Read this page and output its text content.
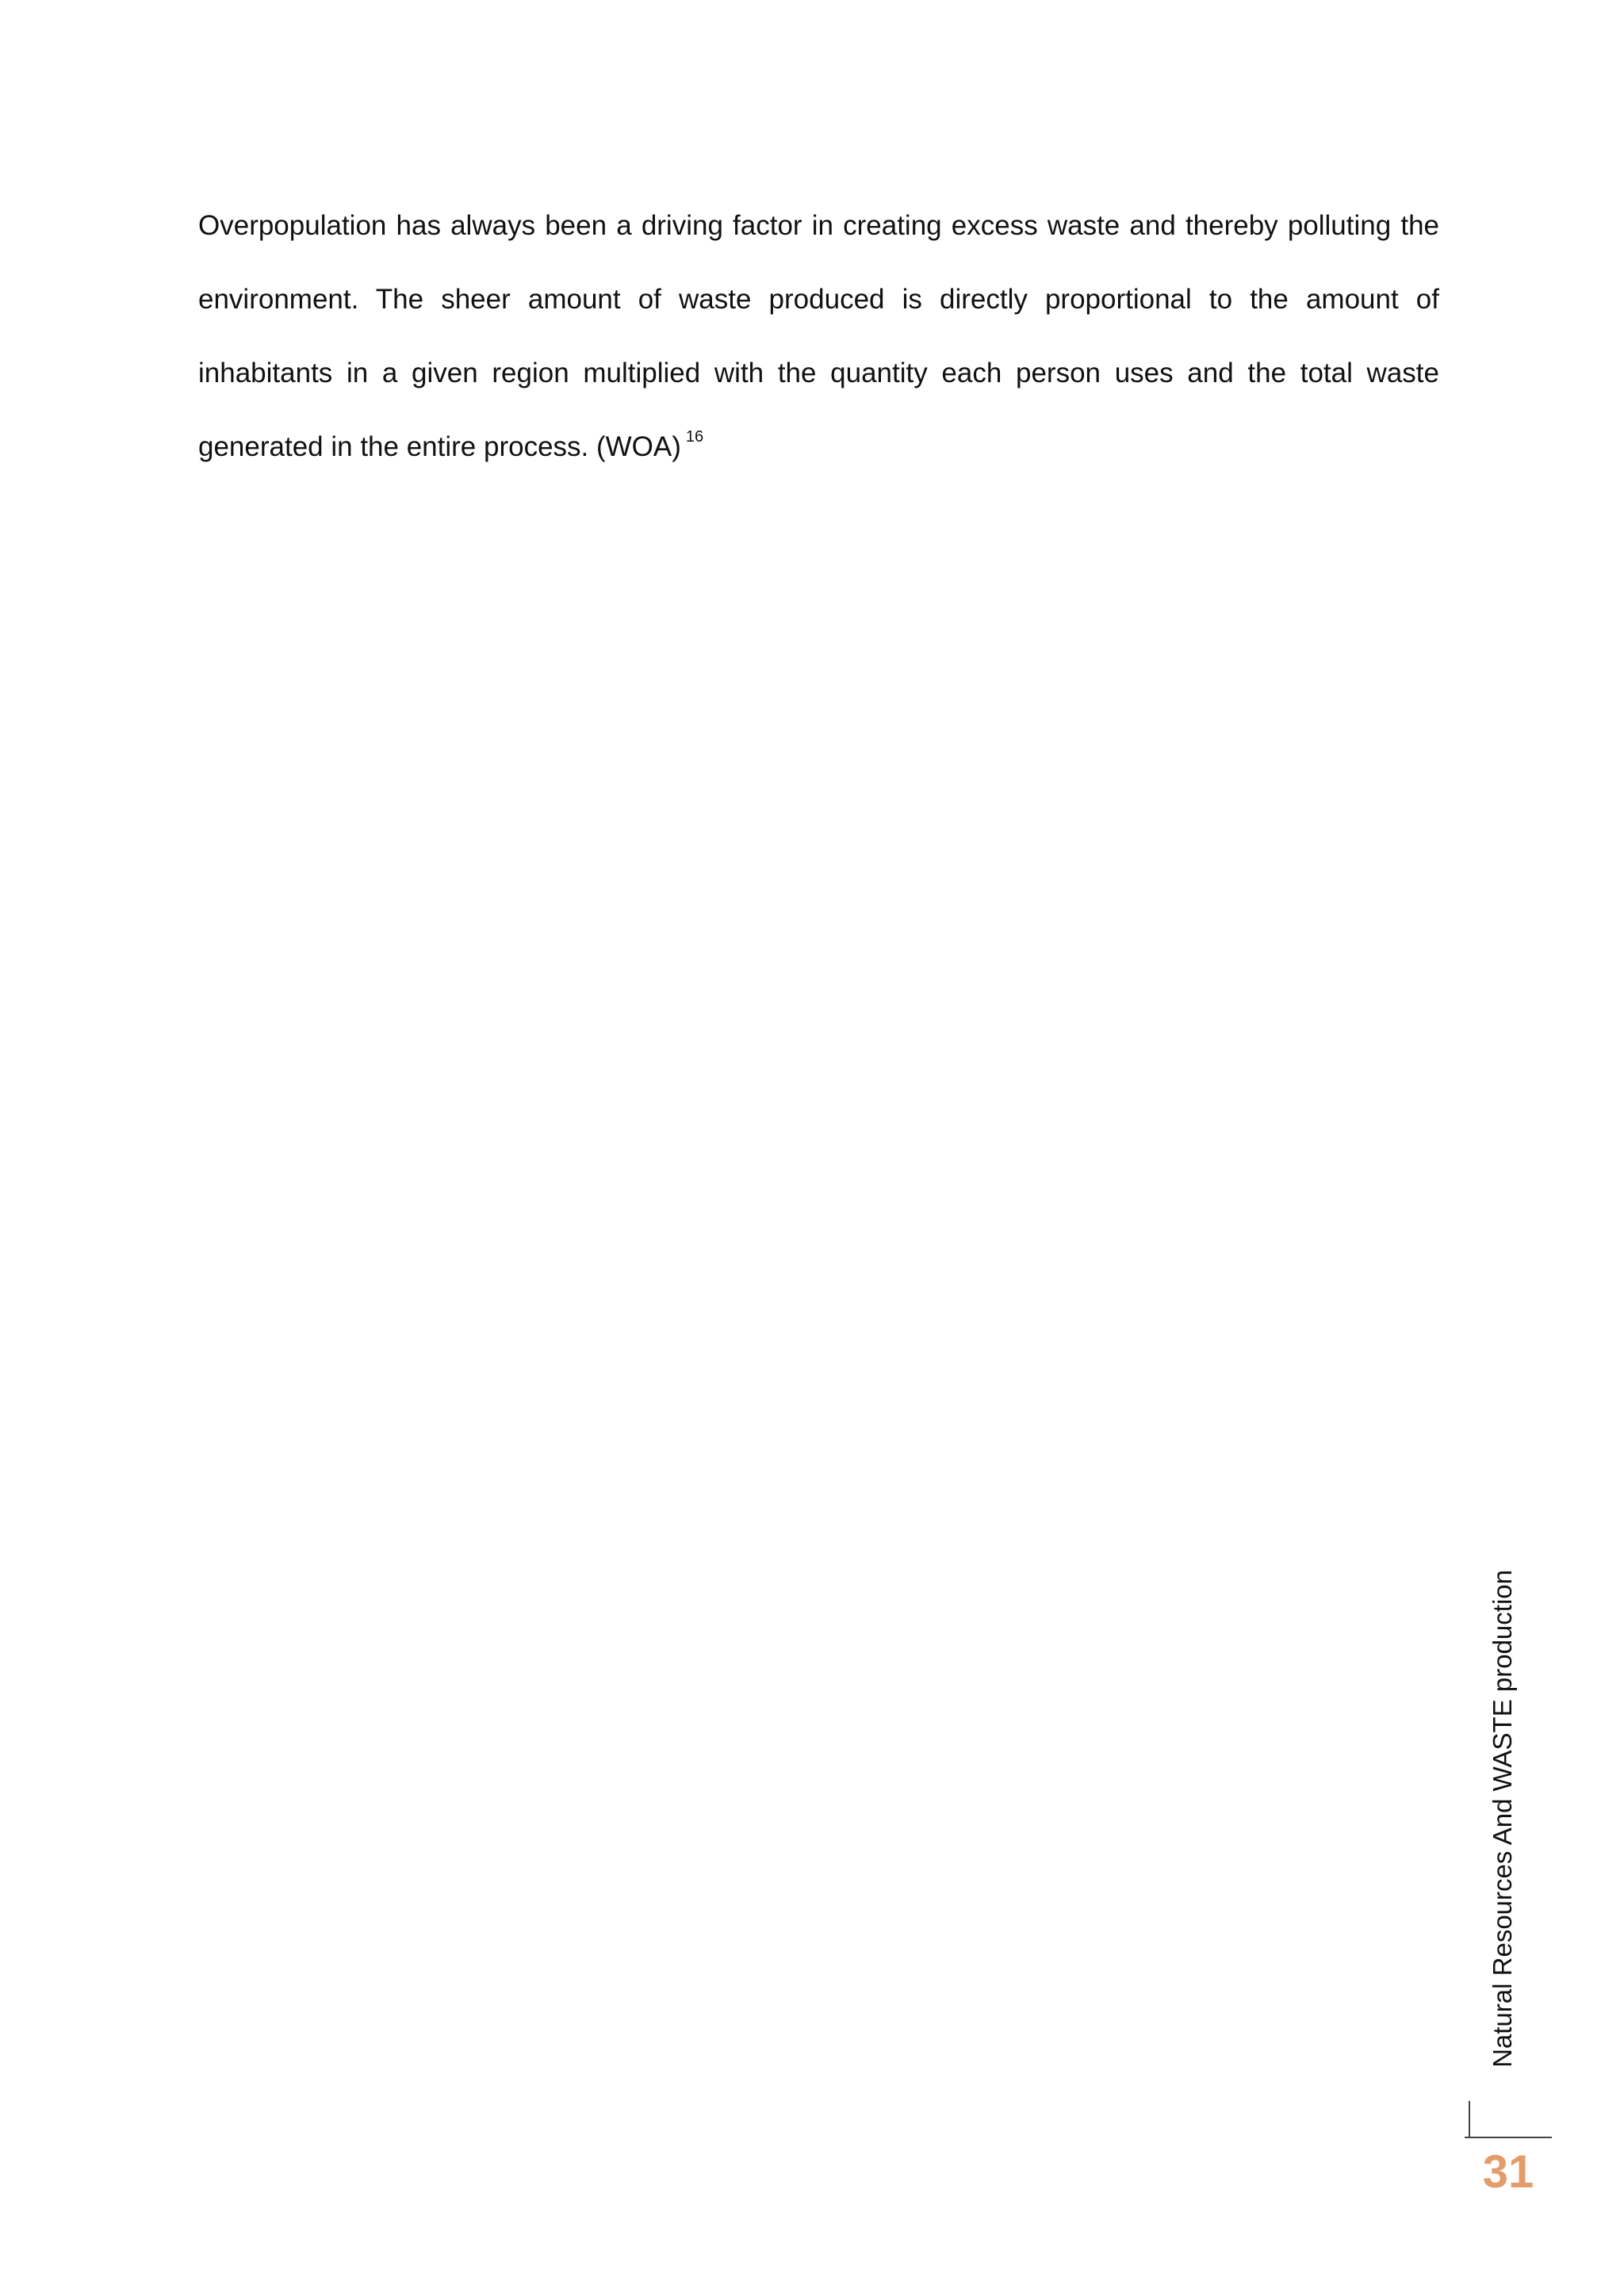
Overpopulation has always been a driving factor in creating excess waste and thereby polluting the environment. The sheer amount of waste produced is directly proportional to the amount of inhabitants in a given region multiplied with the quantity each person uses and the total waste generated in the entire process. (WOA) $^{16}$

Natural Resources And WASTE production
31
